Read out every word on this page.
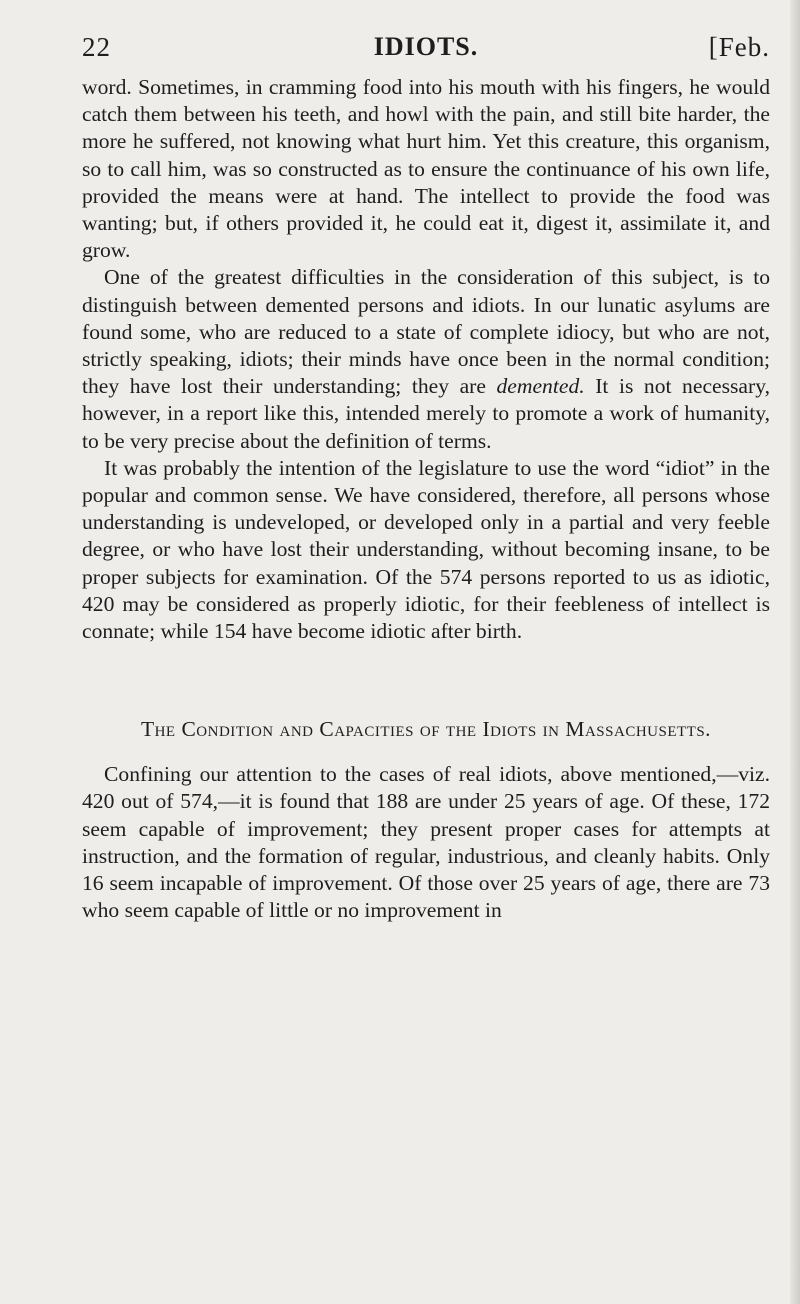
22	IDIOTS.	[Feb.

word. Sometimes, in cramming food into his mouth with his fingers, he would catch them between his teeth, and howl with the pain, and still bite harder, the more he suffered, not knowing what hurt him. Yet this creature, this organism, so to call him, was so constructed as to ensure the continuance of his own life, provided the means were at hand. The intellect to provide the food was wanting; but, if others provided it, he could eat it, digest it, assimilate it, and grow.

One of the greatest difficulties in the consideration of this subject, is to distinguish between demented persons and idiots. In our lunatic asylums are found some, who are reduced to a state of complete idiocy, but who are not, strictly speaking, idiots; their minds have once been in the normal condition; they have lost their understanding; they are demented. It is not necessary, however, in a report like this, intended merely to promote a work of humanity, to be very precise about the definition of terms.

It was probably the intention of the legislature to use the word “idiot” in the popular and common sense. We have considered, therefore, all persons whose understanding is undeveloped, or developed only in a partial and very feeble degree, or who have lost their understanding, without becoming insane, to be proper subjects for examination. Of the 574 persons reported to us as idiotic, 420 may be considered as properly idiotic, for their feebleness of intellect is connate; while 154 have become idiotic after birth.

The Condition and Capacities of the Idiots in Massachusetts.

Confining our attention to the cases of real idiots, above mentioned,—viz. 420 out of 574,—it is found that 188 are under 25 years of age. Of these, 172 seem capable of improvement; they present proper cases for attempts at instruction, and the formation of regular, industrious, and cleanly habits. Only 16 seem incapable of improvement. Of those over 25 years of age, there are 73 who seem capable of little or no improvement in
